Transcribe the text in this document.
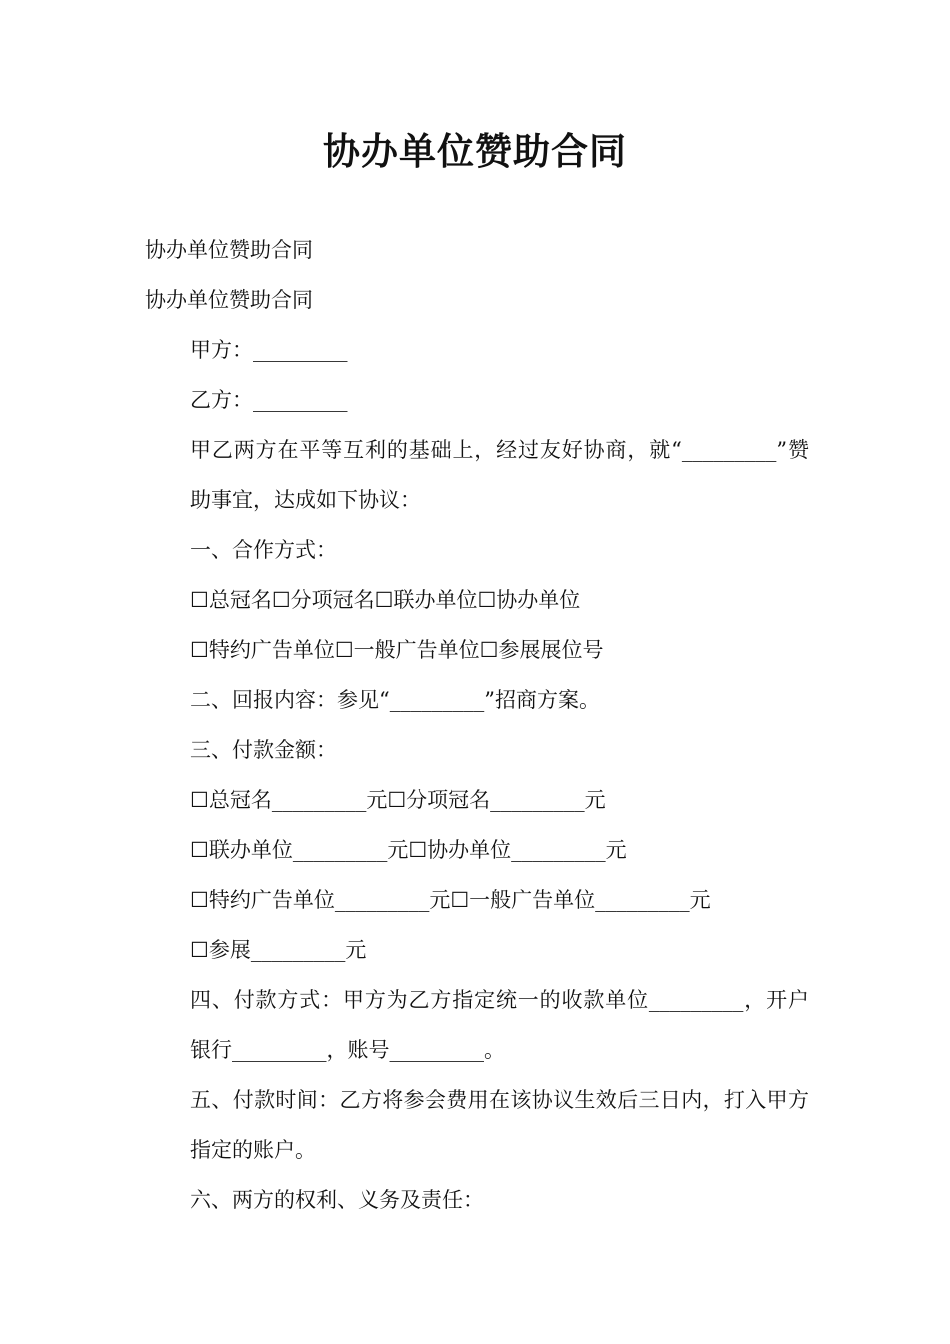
协办单位赞助合同

协办单位赞助合同

协办单位赞助合同

甲方：_________

乙方：_________

甲乙两方在平等互利的基础上，经过友好协商，就“_________”赞助事宜，达成如下协议：

一、合作方式：

☐总冠名☐分项冠名☐联办单位☐协办单位

☐特约广告单位☐一般广告单位☐参展展位号

二、回报内容：参见“_________”招商方案。

三、付款金额：

☐总冠名_________元☐分项冠名_________元

☐联办单位_________元☐协办单位_________元

☐特约广告单位_________元☐一般广告单位_________元

☐参展_________元

四、付款方式：甲方为乙方指定统一的收款单位_________，开户银行_________，账号_________。

五、付款时间：乙方将参会费用在该协议生效后三日内，打入甲方指定的账户。

六、两方的权利、义务及责任：
